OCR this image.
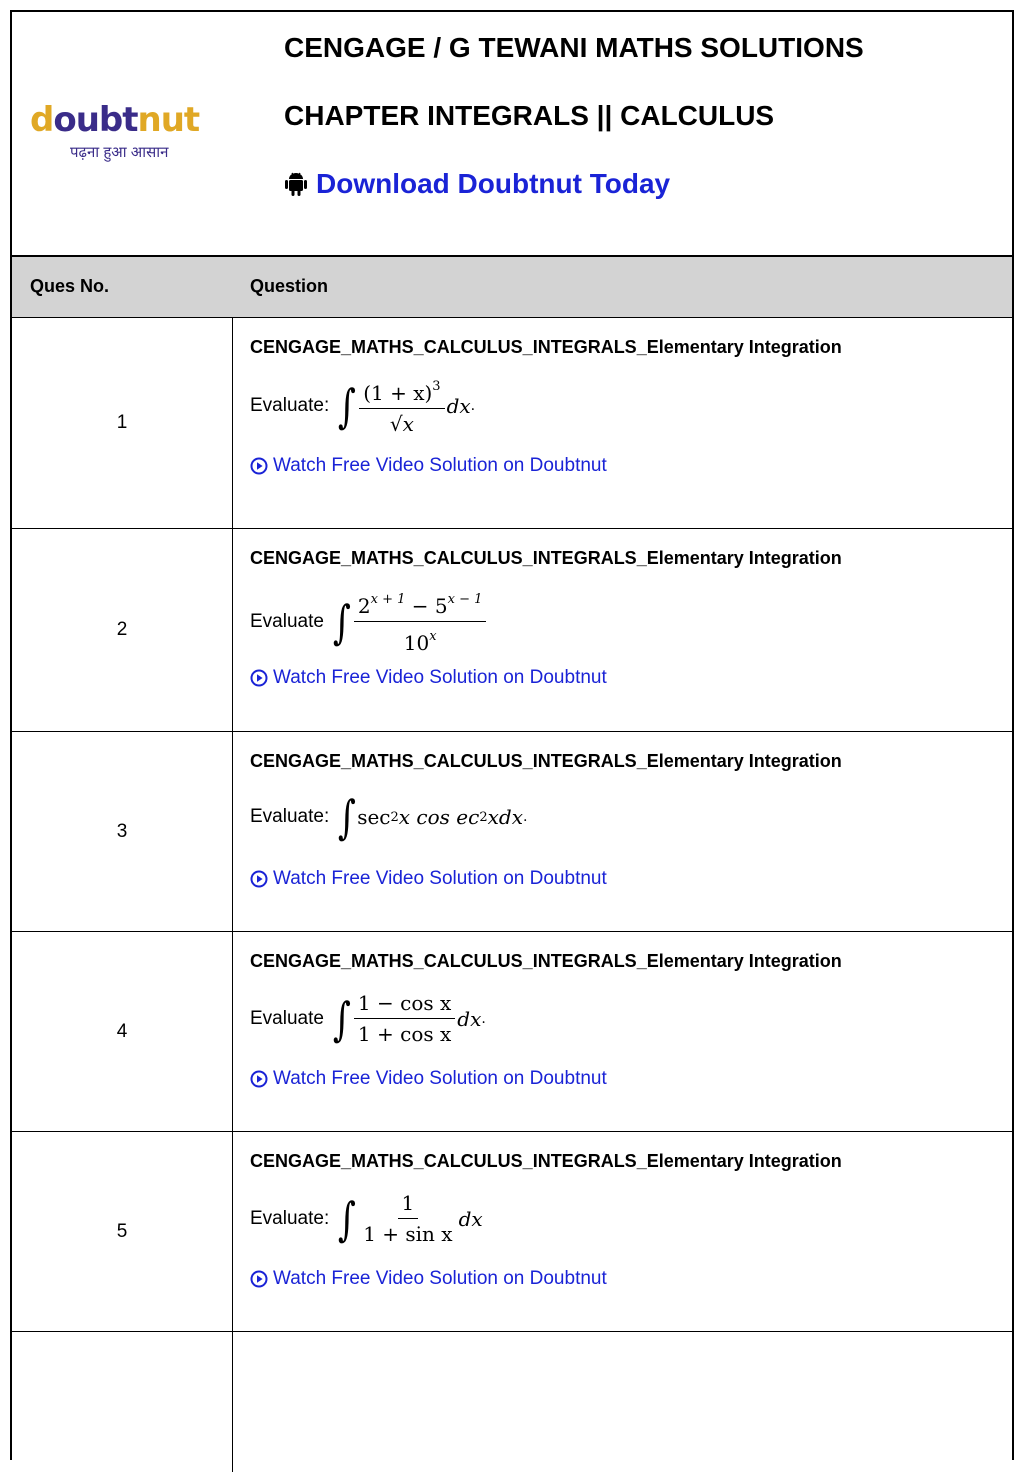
doubtnut
पढ़ना हुआ आसान
CENGAGE / G TEWANI MATHS SOLUTIONS
CHAPTER INTEGRALS || CALCULUS
Download Doubtnut Today
Ques No.	Question
1
CENGAGE_MATHS_CALCULUS_INTEGRALS_Elementary Integration
Evaluate: ∫ $\frac{(1 + x)^3}{√x}$ dx .
Watch Free Video Solution on Doubtnut
2
CENGAGE_MATHS_CALCULUS_INTEGRALS_Elementary Integration
Evaluate ∫ $\frac{2^{x + 1} - 5^{x - 1}}{10^x}$
Watch Free Video Solution on Doubtnut
3
CENGAGE_MATHS_CALCULUS_INTEGRALS_Elementary Integration
Evaluate: ∫ sec 2 x cos ec 2 xdx .
Watch Free Video Solution on Doubtnut
4
CENGAGE_MATHS_CALCULUS_INTEGRALS_Elementary Integration
Evaluate ∫ $\frac{\text{1 − cos x}}{\text{1 + cos x}}$ dx .
Watch Free Video Solution on Doubtnut
5
CENGAGE_MATHS_CALCULUS_INTEGRALS_Elementary Integration
Evaluate: ∫ $\frac{1}{\text{1 + sin x}}$ dx
Watch Free Video Solution on Doubtnut
